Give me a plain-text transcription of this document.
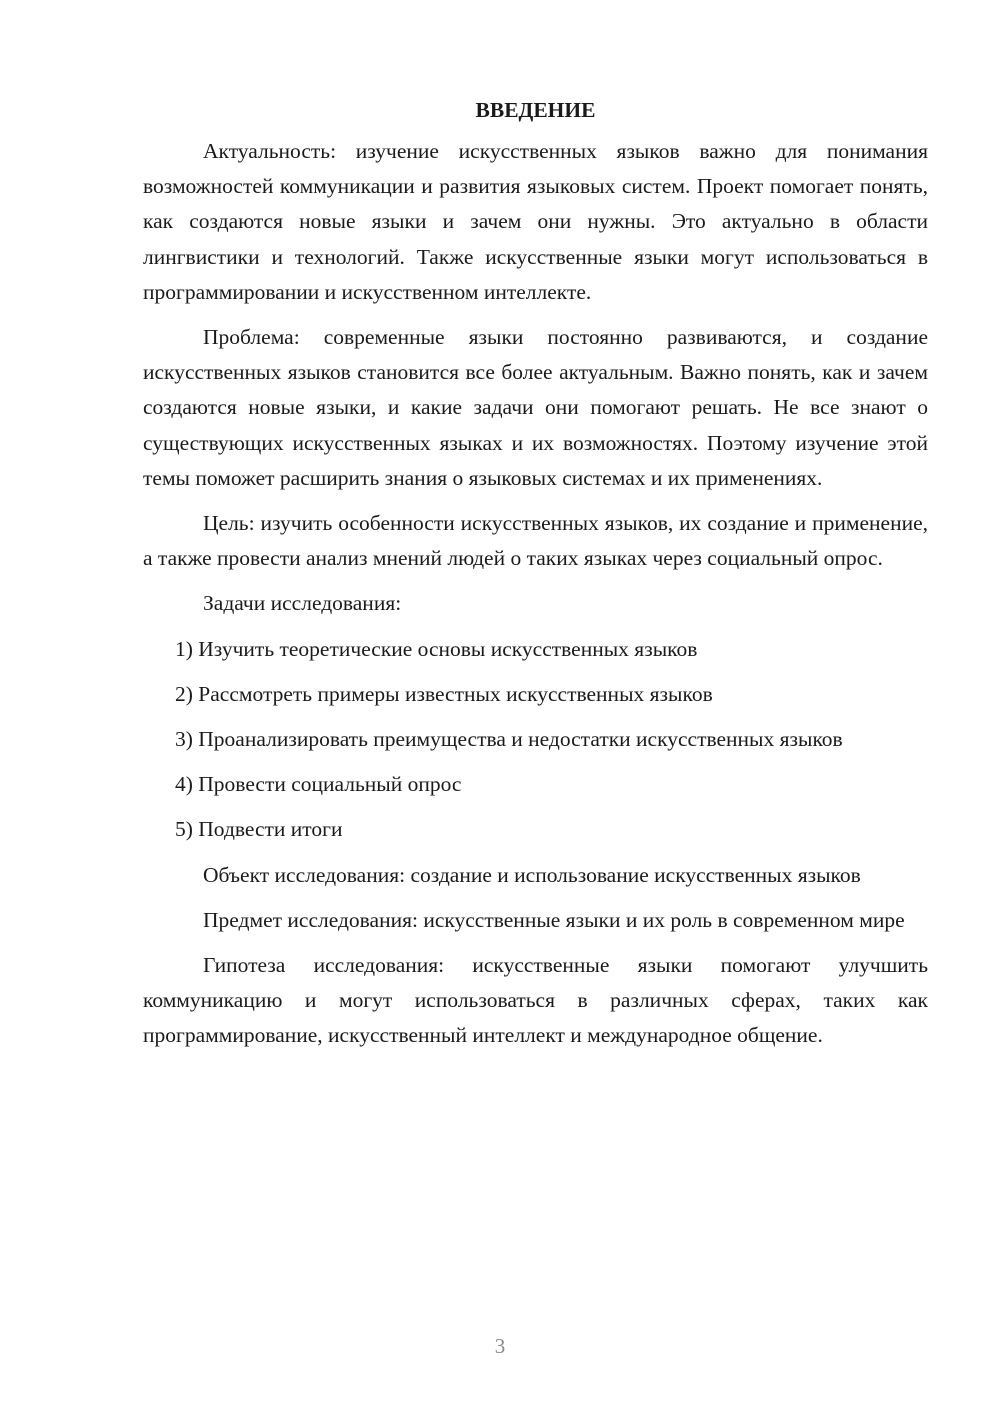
ВВЕДЕНИЕ

Актуальность: изучение искусственных языков важно для понимания возможностей коммуникации и развития языковых систем. Проект помогает понять, как создаются новые языки и зачем они нужны. Это актуально в области лингвистики и технологий. Также искусственные языки могут использоваться в программировании и искусственном интеллекте.

Проблема: современные языки постоянно развиваются, и создание искусственных языков становится все более актуальным. Важно понять, как и зачем создаются новые языки, и какие задачи они помогают решать. Не все знают о существующих искусственных языках и их возможностях. Поэтому изучение этой темы поможет расширить знания о языковых системах и их применениях.

Цель: изучить особенности искусственных языков, их создание и применение, а также провести анализ мнений людей о таких языках через социальный опрос.

Задачи исследования:

1) Изучить теоретические основы искусственных языков

2) Рассмотреть примеры известных искусственных языков

3) Проанализировать преимущества и недостатки искусственных языков

4) Провести социальный опрос

5) Подвести итоги

Объект исследования: создание и использование искусственных языков

Предмет исследования: искусственные языки и их роль в современном мире

Гипотеза исследования: искусственные языки помогают улучшить коммуникацию и могут использоваться в различных сферах, таких как программирование, искусственный интеллект и международное общение.

3
